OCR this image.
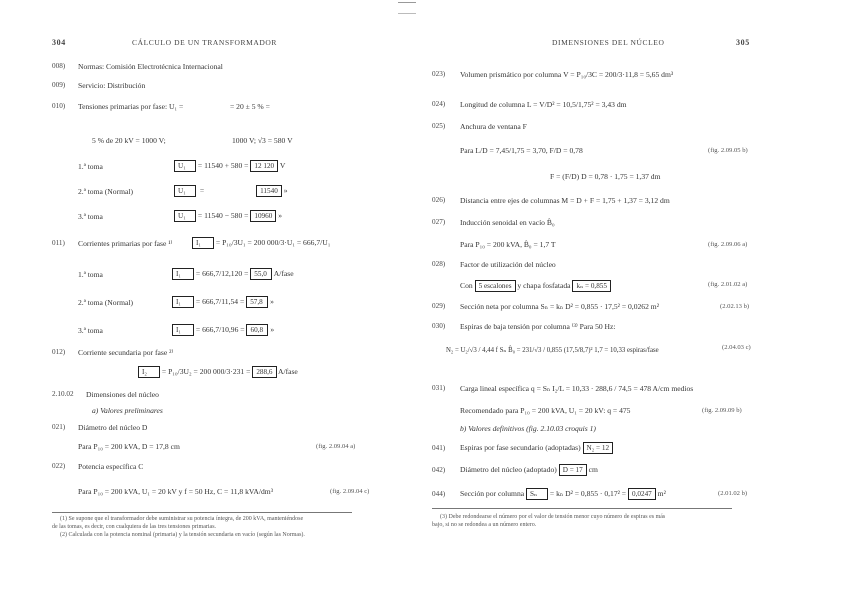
304	CÁLCULO DE UN TRANSFORMADOR
008) Normas: Comisión Electrotécnica Internacional
009) Servicio: Distribución
010) Tensiones primarias por fase: U₁ =	= 20 ± 5 % =
5 % de 20 kV = 1000 V;	1000 V; √3 = 580 V
1.ª toma	U₁ = 11540 + 580 = 12 120 V
2.ª toma (Normal)	U₁ =	11540 »
3.ª toma	U₁ = 11540 − 580 = 10960 »
011) Corrientes primarias por fase ¹⁾	I₁ = P₁₀/3U₁ = 200 000/3·U₁ = 666,7/U₁
1.ª toma	I₁ = 666,7/12,120 = 55,0 A/fase
2.ª toma (Normal)	I₁ = 666,7/11,54 = 57,8 »
3.ª toma	I₁ = 666,7/10,96 = 60,8 »
012) Corriente secundaria por fase ²⁾
I₂ = P₁₀/3U₂ = 200 000/3·231 = 288,6 A/fase
2.10.02 Dimensiones del núcleo
a) Valores preliminares
021) Diámetro del núcleo D
Para P₁₀ = 200 kVA, D = 17,8 cm	(fig. 2.09.04 a)
022) Potencia específica C
Para P₁₀ = 200 kVA, U₁ = 20 kV y f = 50 Hz, C = 11,8 kVA/dm³	(fig. 2.09.04 c)
(1) Se supone que el transformador debe suministrar su potencia íntegra, de 200 kVA, manteniéndose
de las tomas, es decir, con cualquiera de las tres tensiones primarias.
(2) Calculada con la potencia nominal (primaria) y la tensión secundaria en vacío (según las Normas).
DIMENSIONES DEL NÚCLEO	305
023) Volumen prismático por columna V = P₁₀/3C = 200/3·11,8 = 5,65 dm³
024) Longitud de columna L = V/D² = 10,5/1,75² = 3,43 dm
025) Anchura de ventana F
Para L/D = 7,45/1,75 = 3,70, F/D = 0,78	(fig. 2.09.05 b)
F = (F/D) D = 0,78 · 1,75 = 1,37 dm
026) Distancia entre ejes de columnas M = D + F = 1,75 + 1,37 = 3,12 dm
027) Inducción senoidal en vacío B̂₀
Para P₁₀ = 200 kVA, B̂₀ = 1,7 T	(fig. 2.09.06 a)
028) Factor de utilización del núcleo
Con 5 escalones y chapa fosfatada kₙ = 0,855	(fig. 2.01.02 a)
029) Sección neta por columna Sₙ = kₙ D² = 0,855 · 17,5² = 0,0262 m²	(2.02.13 b)
030) Espiras de baja tensión por columna ⁽³⁾ Para 50 Hz:
N₂ = U₂/√3 / 4,44 f Sₙ B̂₀ = 231/√3 / 0,855 (17,5/8,7)² 1,7 = 10,33 espiras/fase	(2.04.03 c)
031) Carga lineal específica q = Sₙ I₂/L = 10,33 · 288,6 / 74,5 = 478 A/cm medios
Recomendado para P₁₀ = 200 kVA, U₁ = 20 kV: q = 475	(fig. 2.09.09 b)
b) Valores definitivos (fig. 2.10.03 croquis 1)
041) Espiras por fase secundario (adoptadas) N₂ = 12
042) Diámetro del núcleo (adoptado) D = 17 cm
044) Sección por columna Sₙ = kₙ D² = 0,855 · 0,17² = 0,0247 m²	(2.01.02 b)
(3) Debe redondearse el número por el valor de tensión menor cuyo número de espiras es más
bajo, si no se redondea a un número entero.
